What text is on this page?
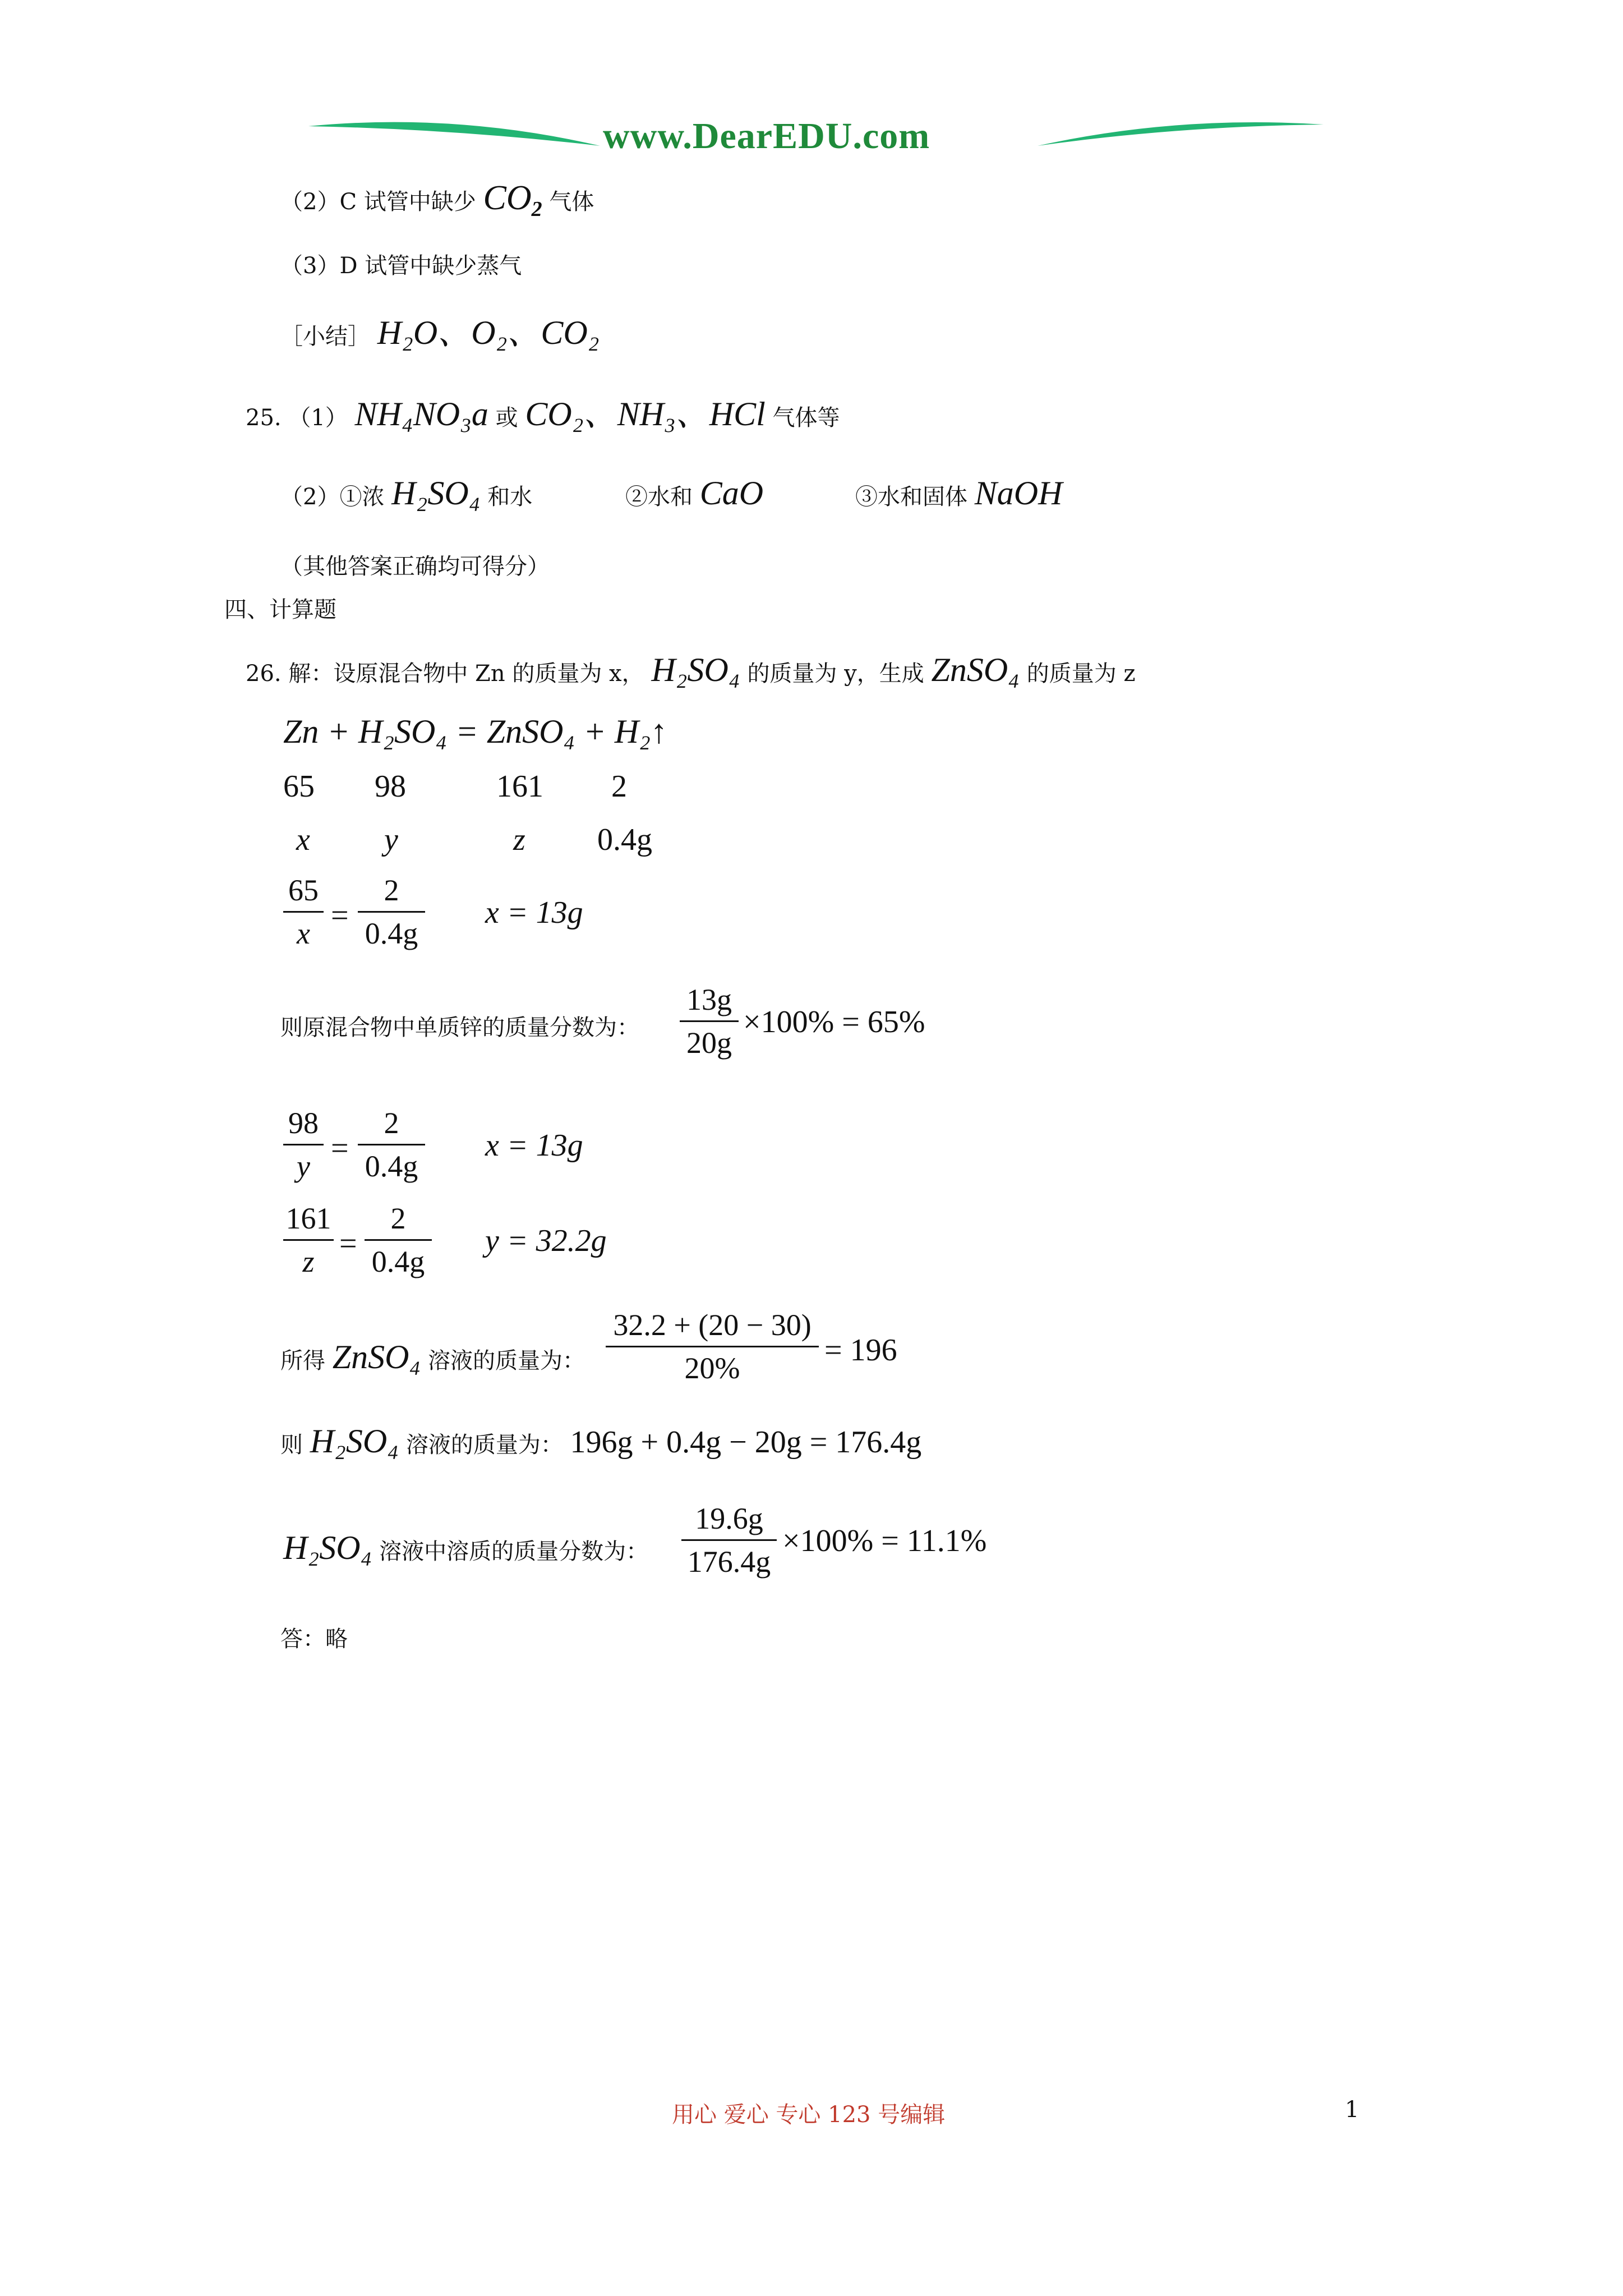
www.DearEDU.com
（2）C 试管中缺少 $CO_2$ 气体
（3）D 试管中缺少蒸气
［小结］ H₂O、O₂、CO₂
25. （1） NH₄NO₃a 或 CO₂、NH₃、HCl 气体等
（2）①浓 H₂SO₄ 和水	②水和 CaO	③水和固体 NaOH
（其他答案正确均可得分）
四、计算题
26. 解：设原混合物中 Zn 的质量为 x， H₂SO₄ 的质量为 y，生成 ZnSO₄ 的质量为 z
Zn + H₂SO₄ = ZnSO₄ + H₂↑
65 98	161 2
x y	z 0.4g
65
x
=
2
0.4g
x = 13g
则原混合物中单质锌的质量分数为：
13g
20g
×100% = 65%
98
y
=
2
0.4g
x = 13g
161
z
=
2
0.4g
y = 32.2g
所得 ZnSO₄ 溶液的质量为：
32.2 + (20 − 30)
20%
= 196
则 H₂SO₄ 溶液的质量为： 196g + 0.4g − 20g = 176.4g
H₂SO₄ 溶液中溶质的质量分数为：
19.6g
176.4g
×100% = 11.1%
答：略
用心 爱心 专心 123 号编辑	1
